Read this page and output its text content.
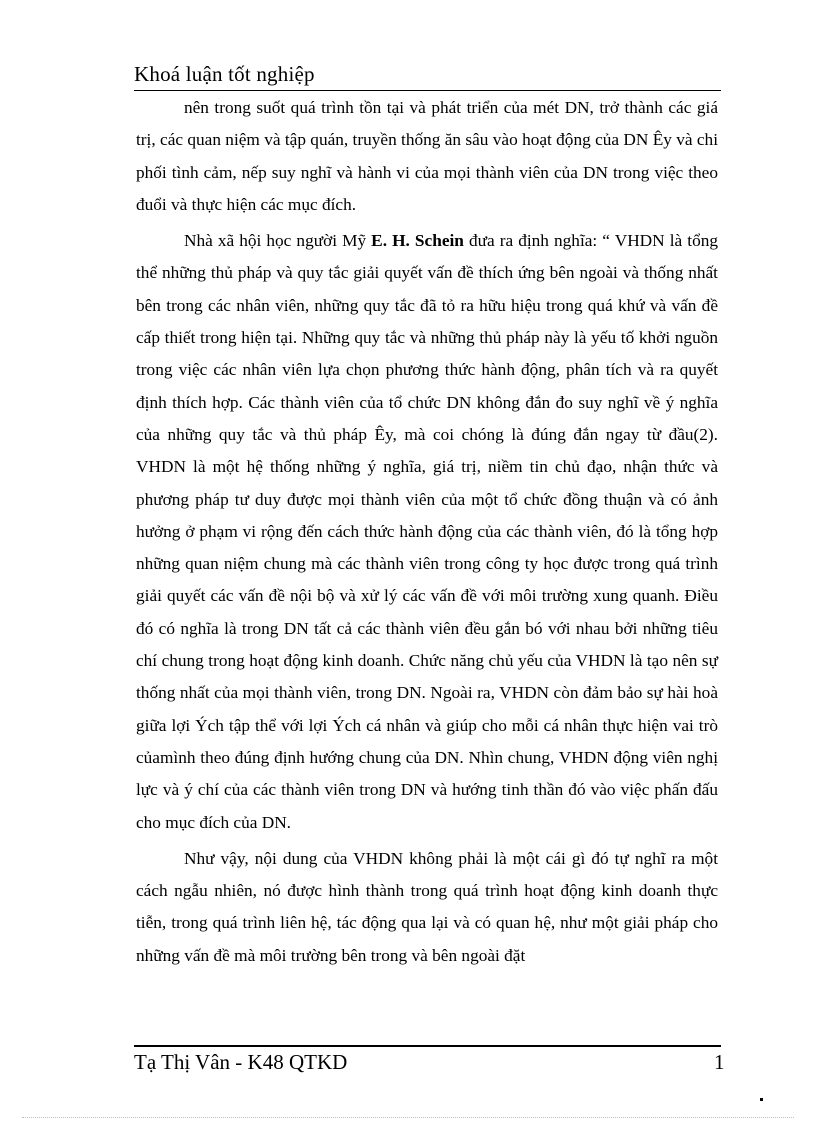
Khoá luận tốt nghiệp

nên trong suốt quá trình tồn tại và phát triển của mét DN, trở thành các giá trị, các quan niệm và tập quán, truyền thống ăn sâu vào hoạt động của DN Êy và chi phối tình cảm, nếp suy nghĩ và hành vi của mọi thành viên của DN trong việc theo đuổi và thực hiện các mục đích.

Nhà xã hội học người Mỹ E. H. Schein đưa ra định nghĩa: “ VHDN là tổng thể những thủ pháp và quy tắc giải quyết vấn đề thích ứng bên ngoài và thống nhất bên trong các nhân viên, những quy tắc đã tỏ ra hữu hiệu trong quá khứ và vấn đề cấp thiết trong hiện tại. Những quy tắc và những thủ pháp này là yếu tố khởi nguồn trong việc các nhân viên lựa chọn phương thức hành động, phân tích và ra quyết định thích hợp. Các thành viên của tổ chức DN không đắn đo suy nghĩ về ý nghĩa của những quy tắc và thủ pháp Êy, mà coi chóng là đúng đắn ngay từ đầu(2). VHDN là một hệ thống những ý nghĩa, giá trị, niềm tin chủ đạo, nhận thức và phương pháp tư duy được mọi thành viên của một tổ chức đồng thuận và có ảnh hưởng ở phạm vi rộng đến cách thức hành động của các thành viên, đó là tổng hợp những quan niệm chung mà các thành viên trong công ty học được trong quá trình giải quyết các vấn đề nội bộ và xử lý các vấn đề với môi trường xung quanh. Điều đó có nghĩa là trong DN tất cả các thành viên đều gắn bó với nhau bởi những tiêu chí chung trong hoạt động kinh doanh. Chức năng chủ yếu của VHDN là tạo nên sự thống nhất của mọi thành viên, trong DN. Ngoài ra, VHDN còn đảm bảo sự hài hoà giữa lợi Ých tập thể với lợi Ých cá nhân và giúp cho mỗi cá nhân thực hiện vai trò củamình theo đúng định hướng chung của DN. Nhìn chung, VHDN động viên nghị lực và ý chí của các thành viên trong DN và hướng tinh thần đó vào việc phấn đấu cho mục đích của DN.

Như vậy, nội dung của VHDN không phải là một cái gì đó tự nghĩ ra một cách ngẫu nhiên, nó được hình thành trong quá trình hoạt động kinh doanh thực tiễn, trong quá trình liên hệ, tác động qua lại và có quan hệ, như một giải pháp cho những vấn đề mà môi trường bên trong và bên ngoài đặt

Tạ Thị Vân - K48 QTKD	1
